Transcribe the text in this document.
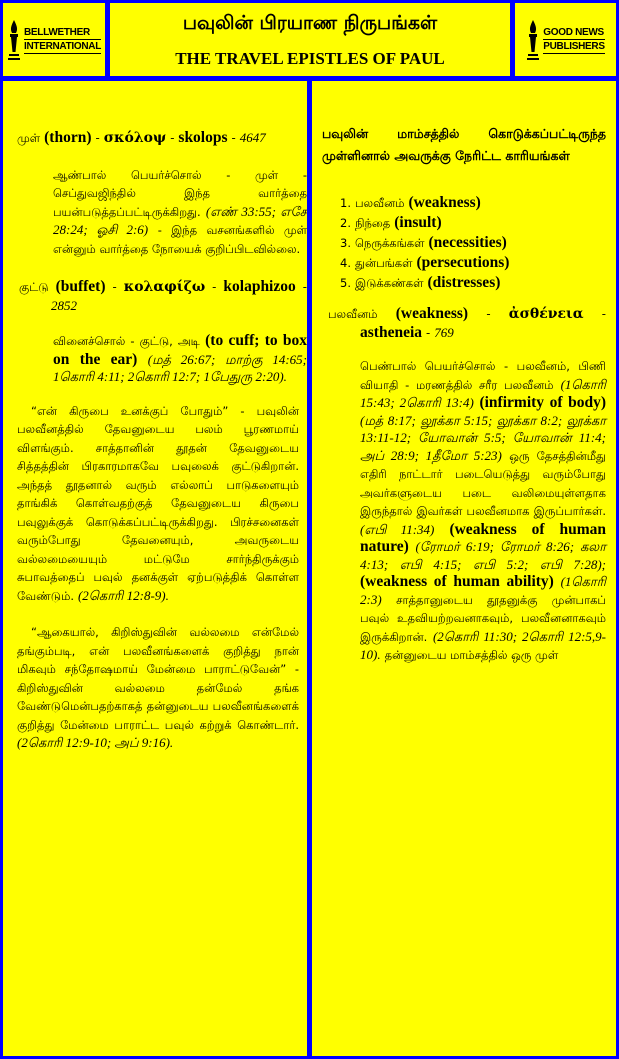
BELLWETHER
INTERNATIONAL
பவுலின் பிரயாண நிருபங்கள்
THE TRAVEL EPISTLES OF PAUL
GOOD NEWS
PUBLISHERS

முள் (thorn) - σκόλοψ - skolops - 4647

ஆண்பால் பெயர்ச்சொல் - முள் - செப்துவஜிந்தில் இந்த வார்த்தை பயன்படுத்தப்பட்டிருக்கிறது. (எண் 33:55; எசே 28:24; ஓசி 2:6) - இந்த வசனங்களில் முள் என்னும் வார்த்தை நோயைக் குறிப்பிடவில்லை.

குட்டு (buffet) - κολαφίζω - kolaphizoo - 2852

வினைச்சொல் - குட்டு, அடி (to cuff; to box on the ear) (மத் 26:67; மாற்கு 14:65; 1கொரி 4:11; 2கொரி 12:7; 1பேதுரு 2:20).

“என் கிருபை உனக்குப் போதும்” - பவுலின் பலவீனத்தில் தேவனுடைய பலம் பூரணமாய் விளங்கும். சாத்தானின் தூதன் தேவனுடைய சித்தத்தின் பிரகாரமாகவே பவுலைக் குட்டுகிறான். அந்தத் தூதனால் வரும் எல்லாப் பாடுகளையும் தாங்கிக் கொள்வதற்குத் தேவனுடைய கிருபை பவுலுக்குக் கொடுக்கப்பட்டிருக்கிறது. பிரச்சனைகள் வரும்போது தேவனையும், அவருடைய வல்லமையையும் மட்டுமே சார்ந்திருக்கும் சுபாவத்தைப் பவுல் தனக்குள் ஏற்படுத்திக் கொள்ள வேண்டும். (2கொரி 12:8-9).

“ஆகையால், கிறிஸ்துவின் வல்லமை என்மேல் தங்கும்படி, என் பலவீனங்களைக் குறித்து நான் மிகவும் சந்தோஷமாய் மேன்மை பாராட்டுவேன்” - கிறிஸ்துவின் வல்லமை தன்மேல் தங்க வேண்டுமென்பதற்காகத் தன்னுடைய பலவீனங்களைக் குறித்து மேன்மை பாராட்ட பவுல் கற்றுக் கொண்டார். (2கொரி 12:9-10; அப் 9:16).

பவுலின் மாம்சத்தில் கொடுக்கப்பட்டிருந்த முள்ளினால் அவருக்கு நேரிட்ட காரியங்கள்

1. பலவீனம் (weakness)

2. நிந்தை (insult)

3. நெருக்கங்கள் (necessities)

4. துன்பங்கள் (persecutions)

5. இடுக்கண்கள் (distresses)

பலவீனம் (weakness) - ἀσθένεια - astheneia - 769

பெண்பால் பெயர்ச்சொல் - பலவீனம், பிணி வியாதி - மரணத்தில் சரீர பலவீனம் (1கொரி 15:43; 2கொரி 13:4) (infirmity of body) (மத் 8:17; லூக்கா 5:15; லூக்கா 8:2; லூக்கா 13:11-12; யோவான் 5:5; யோவான் 11:4; அப் 28:9; 1தீமோ 5:23) ஒரு தேசத்தின்மீது எதிரி நாட்டார் படையெடுத்து வரும்போது அவர்களுடைய படை வலிமையுள்ளதாக இருந்தால் இவர்கள் பலவீனமாக இருப்பார்கள். (எபி 11:34) (weakness of human nature) (ரோமர் 6:19; ரோமர் 8:26; கலா 4:13; எபி 4:15; எபி 5:2; எபி 7:28); (weakness of human ability) (1கொரி 2:3) சாத்தானுடைய தூதனுக்கு முன்பாகப் பவுல் உதவியற்றவனாகவும், பலவீனனாகவும் இருக்கிறான். (2கொரி 11:30; 2கொரி 12:5,9-10). தன்னுடைய மாம்சத்தில் ஒரு முள்
